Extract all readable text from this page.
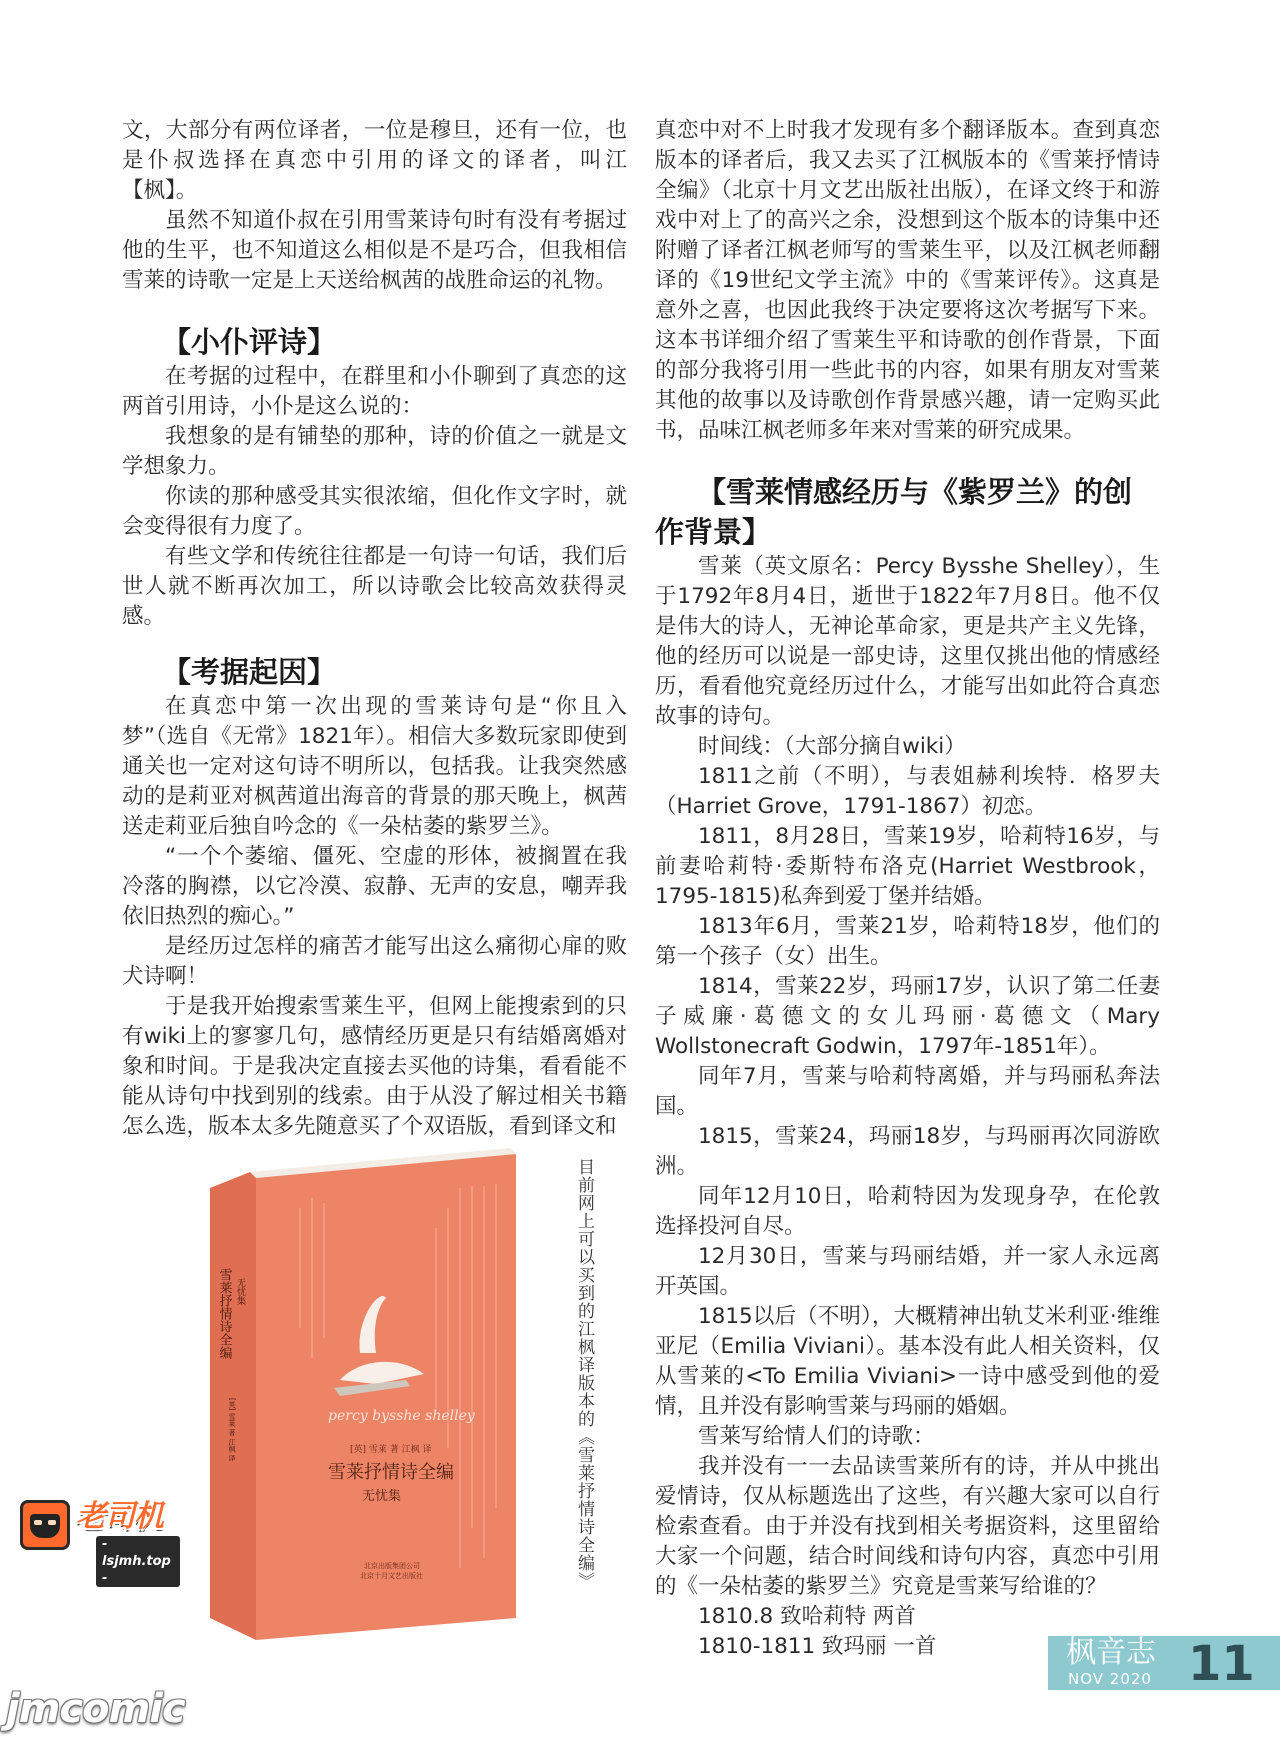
文，大部分有两位译者，一位是穆旦，还有一位，也是仆叔选择在真恋中引用的译文的译者，叫江【枫】。

虽然不知道仆叔在引用雪莱诗句时有没有考据过他的生平，也不知道这么相似是不是巧合，但我相信雪莱的诗歌一定是上天送给枫茜的战胜命运的礼物。

【小仆评诗】

在考据的过程中，在群里和小仆聊到了真恋的这两首引用诗，小仆是这么说的：

我想象的是有铺垫的那种，诗的价值之一就是文学想象力。

你读的那种感受其实很浓缩，但化作文字时，就会变得很有力度了。

有些文学和传统往往都是一句诗一句话，我们后世人就不断再次加工，所以诗歌会比较高效获得灵感。

【考据起因】

在真恋中第一次出现的雪莱诗句是“你且入梦”（选自《无常》1821年）。相信大多数玩家即使到通关也一定对这句诗不明所以，包括我。让我突然感动的是莉亚对枫茜道出海音的背景的那天晚上，枫茜送走莉亚后独自吟念的《一朵枯萎的紫罗兰》。

“一个个萎缩、僵死、空虚的形体，被搁置在我冷落的胸襟，以它冷漠、寂静、无声的安息，嘲弄我依旧热烈的痴心。”

是经历过怎样的痛苦才能写出这么痛彻心扉的败犬诗啊！

于是我开始搜索雪莱生平，但网上能搜索到的只有wiki上的寥寥几句，感情经历更是只有结婚离婚对象和时间。于是我决定直接去买他的诗集，看看能不能从诗句中找到别的线索。由于从没了解过相关书籍怎么选，版本太多先随意买了个双语版，看到译文和

真恋中对不上时我才发现有多个翻译版本。查到真恋版本的译者后，我又去买了江枫版本的《雪莱抒情诗全编》（北京十月文艺出版社出版），在译文终于和游戏中对上了的高兴之余，没想到这个版本的诗集中还附赠了译者江枫老师写的雪莱生平，以及江枫老师翻译的《19世纪文学主流》中的《雪莱评传》。这真是意外之喜，也因此我终于决定要将这次考据写下来。这本书详细介绍了雪莱生平和诗歌的创作背景，下面的部分我将引用一些此书的内容，如果有朋友对雪莱其他的故事以及诗歌创作背景感兴趣，请一定购买此书，品味江枫老师多年来对雪莱的研究成果。

【雪莱情感经历与《紫罗兰》的创作背景】

雪莱（英文原名：Percy Bysshe Shelley），生于1792年8月4日，逝世于1822年7月8日。他不仅是伟大的诗人，无神论革命家，更是共产主义先锋，他的经历可以说是一部史诗，这里仅挑出他的情感经历，看看他究竟经历过什么，才能写出如此符合真恋故事的诗句。

时间线：（大部分摘自wiki）

1811之前（不明），与表姐赫利埃特．格罗夫（Harriet Grove，1791-1867）初恋。

1811，8月28日，雪莱19岁，哈莉特16岁，与前妻哈莉特·委斯特布洛克(Harriet Westbrook，1795-1815)私奔到爱丁堡并结婚。

1813年6月，雪莱21岁，哈莉特18岁，他们的第一个孩子（女）出生。

1814，雪莱22岁，玛丽17岁，认识了第二任妻子威廉·葛德文的女儿玛丽·葛德文（Mary Wollstonecraft Godwin，1797年-1851年）。

同年7月，雪莱与哈莉特离婚，并与玛丽私奔法国。

1815，雪莱24，玛丽18岁，与玛丽再次同游欧洲。

同年12月10日，哈莉特因为发现身孕，在伦敦选择投河自尽。

12月30日，雪莱与玛丽结婚，并一家人永远离开英国。

1815以后（不明），大概精神出轨艾米利亚·维维亚尼（Emilia Viviani）。基本没有此人相关资料，仅从雪莱的<To Emilia Viviani>一诗中感受到他的爱情，且并没有影响雪莱与玛丽的婚姻。

雪莱写给情人们的诗歌：

我并没有一一去品读雪莱所有的诗，并从中挑出爱情诗，仅从标题选出了这些，有兴趣大家可以自行检索查看。由于并没有找到相关考据资料，这里留给大家一个问题，结合时间线和诗句内容，真恋中引用的《一朵枯萎的紫罗兰》究竟是雪莱写给谁的？

1810.8 致哈莉特 两首

1810-1811 致玛丽 一首

percy bysshe shelley
[英] 雪莱 著 江枫 译
雪莱抒情诗全编
无忧集
北京出版集团公司
北京十月文艺出版社
雪莱抒情诗全编 无忧集
[英] 雪莱 著 江枫 译	目前网上可以买到的江枫译版本的《雪莱抒情诗全编》
老司机
- lsjmh.top -
枫音志
NOV 2020 11
jmcomic
